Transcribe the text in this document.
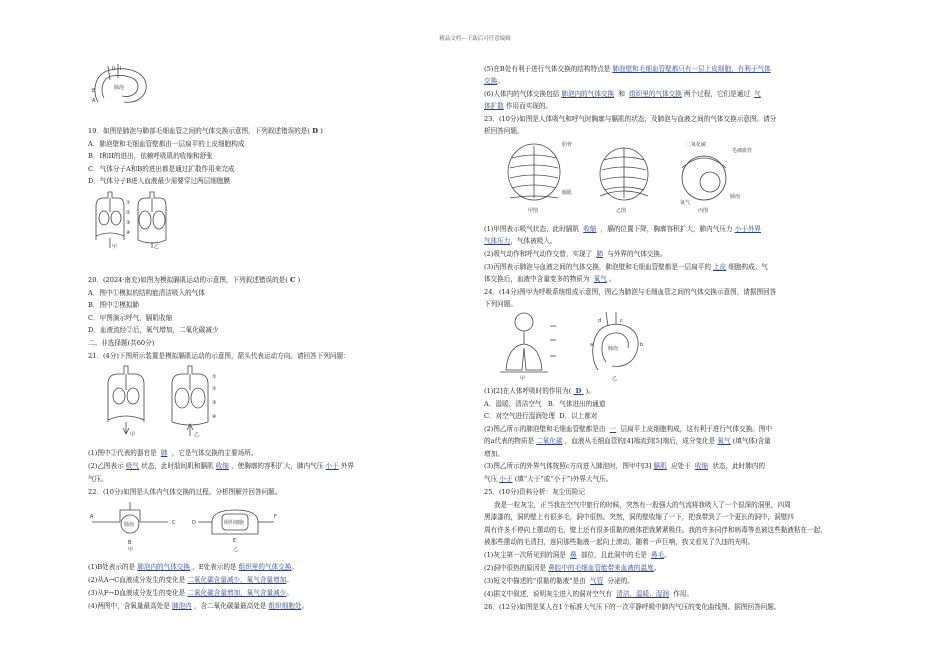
精品文档---下载后可任意编辑
II I
B
A
肺泡
19．如图是肺泡与肺部毛细血管之间的气体交换示意图，下列叙述错误的是( D )
A．肺泡壁和毛细血管壁都由一层扁平的上皮细胞构成
B．I和II的进出，依赖呼吸肌的收缩和舒张
C．气体分子A和B的进出都是通过扩散作用来完成
D．气体分子B进入血液最少需要穿过两层细胞膜
①
②
③
④
甲	乙
20．(2024·南充)如图为模拟膈肌运动的示意图，下列叙述错误的是( C )
A．图中①模拟的结构能清洁吸入的气体
B．图中②模拟肺
C．甲图演示呼气，膈肌收缩
D．血液流经②后，氧气增加，二氧化碳减少
二、非选择题(共60分)
21．(4分)下图所示装置是模拟膈肌运动的示意图，箭头代表运动方向。请回答下列问题：
①
②
③
④
甲	乙
(1)图中②代表的器官是 肺 ，它是气体交换的主要场所。
(2)乙图表示 吸气 状态，此时肋间肌和膈肌 收缩 ，使胸廓的容积扩大，肺内气压 小于 外界
气压。
22．(10分)如图是人体内气体交换的过程。分析图解并回答问题。
A
B
C	D
E
F
肺泡	组织细胞
甲	乙
(1)B处表示的是 肺泡内的气体交换 ，E处表示的是 组织里的气体交换。
(2)从A→C血液成分发生的变化是 二氧化碳含量减少，氧气含量增加。
(3)从F→D血液成分发生的变化是 二氧化碳含量增加，氧气含量减少。
(4)两图中，含氧量最高处是 肺泡内 ，含二氧化碳量最高处是 组织细胞处。
(5)在B处有利于进行气体交换的结构特点是 肺泡壁和毛细血管壁都只有一层上皮细胞，有利于气体
交换。
(6)人体内的气体交换包括 肺泡内的气体交换 和 组织里的气体交换 两个过程，它们是通过 气
体扩散 作用而实现的。
23．(10分)如图是人体吸气和呼气时胸廓与膈肌的状态，及肺泡与血液之间的气体交换示意图。请分
析回答问题。
肋骨
膈肌
二氧化碳
毛细血管
氧气
肺泡
甲图	乙图	丙图
(1)甲图表示吸气状态，此时膈肌 收缩 ，膈的位置下降，胸廓容积扩大，肺内气压力 小于外界
气体压力，气体被吸入。
(2)吸气动作和呼气动作交替，实现了 肺 与外界的气体交换。
(3)丙图表示肺泡与血液之间的气体交换，肺泡壁和毛细血管壁都是一层扁平的 上皮 细胞构成；气
体交换后，血液中含量变多的物质为 氧气 。
24．(14分)图甲为呼吸系统组成示意图，图乙为肺泡与毛细血管之间的气体交换示意图，请据图回答
下列问题。
肺泡
d	c
a	b
甲	乙
(1)[2]在人体呼吸时的作用为(  D  )。
A．湿暖、清洁空气 B．气体进出的通道
C．对空气进行湿润处理 D．以上都对
(2)图乙所示的肺泡壁和毛细血管壁都是由 一 层扁平上皮细胞构成，这有利于进行气体交换。图中
的a代表的物质是 二氧化碳 ，血液从毛细血管的[4]端流到[5]端后，成分变化是 氧气 (填气体)含量
增加。
(3)图乙所示的外界气体按照c方向进入肺泡时，图甲中[3] 膈肌 应处于 收缩 状态，此时肺内的
气压 小于 (填“大于”或“小于”)外界大气压。
25．(10分)资料分析：灰尘历险记
我是一粒灰尘，正当我在空气中旅行的时候，突然有一股强大的气流将我吸入了一个很深的洞里，四周
黑漆漆的，洞的壁上有很多毛，洞中很热。突然，洞的壁收缩了一下，把我带到了一个更长的洞中，洞壁四
周有许多不停向上摆动的毛，壁上还有很多很黏的液体把我紧紧吸住。我的许多同伴和病毒等也被这些黏液粘在一起，
被那些摆动的毛清扫，连同那些黏液一起向上滚动，随着一声巨响，我又看见了久违的光明。
(1)灰尘第一次所见到的洞是 鼻 部位，且此洞中的毛是 鼻毛。
(2)洞中很热的原因是 鼻腔中的毛细血管能带来血液的温度。
(3)短文中描述的“很黏的黏液”是由 气管 分泌的。
(4)据文中叙述，说明灰尘进入的洞对空气有 清洁、温暖、湿润 作用。
26．(12分)如图是某人在1个标准大气压下的一次平静呼吸中肺内气压的变化曲线图。据图回答问题。
